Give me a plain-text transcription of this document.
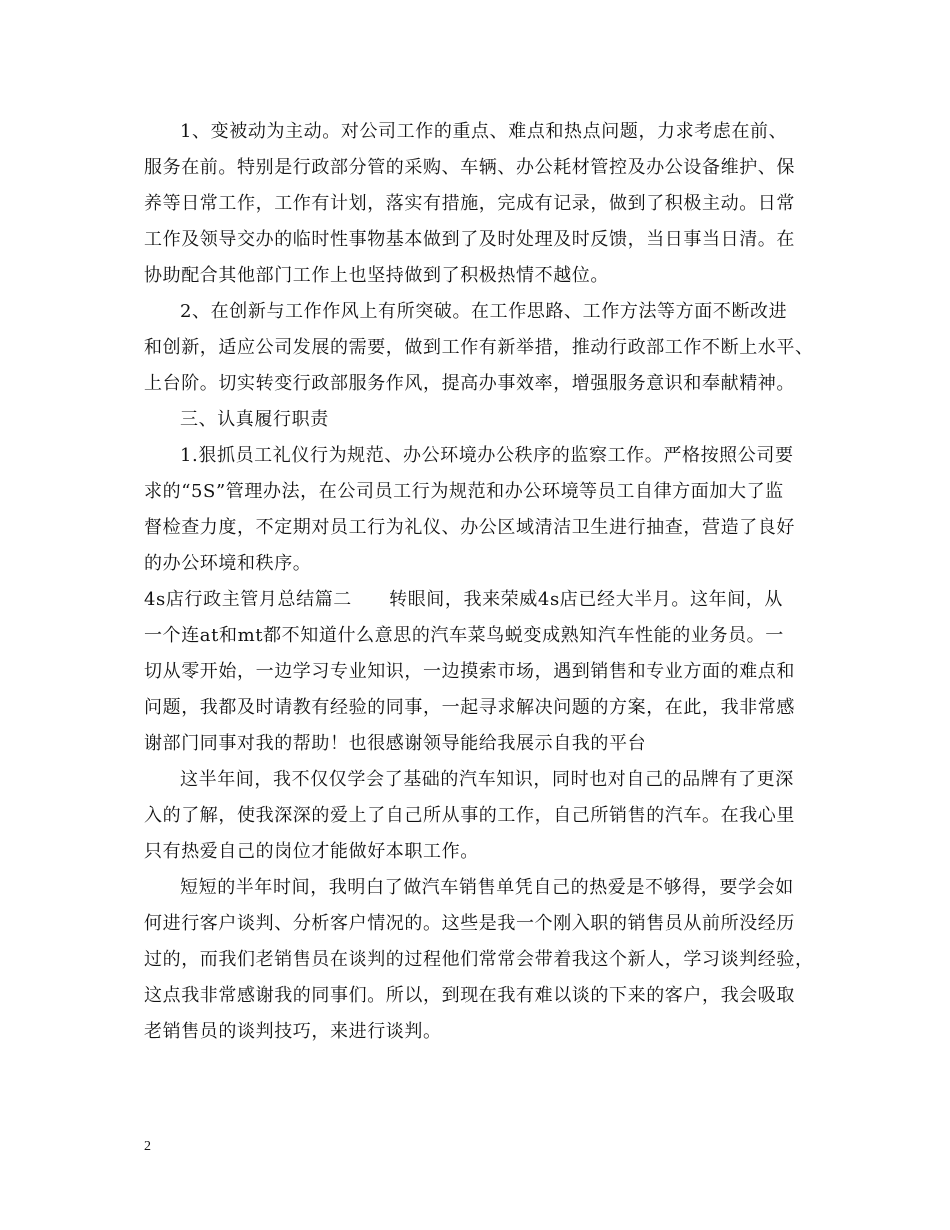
1、变被动为主动。对公司工作的重点、难点和热点问题，力求考虑在前、
服务在前。特别是行政部分管的采购、车辆、办公耗材管控及办公设备维护、保
养等日常工作，工作有计划，落实有措施，完成有记录，做到了积极主动。日常
工作及领导交办的临时性事物基本做到了及时处理及时反馈，当日事当日清。在
协助配合其他部门工作上也坚持做到了积极热情不越位。
2、在创新与工作作风上有所突破。在工作思路、工作方法等方面不断改进
和创新，适应公司发展的需要，做到工作有新举措，推动行政部工作不断上水平、
上台阶。切实转变行政部服务作风，提高办事效率，增强服务意识和奉献精神。
三、认真履行职责
1.狠抓员工礼仪行为规范、办公环境办公秩序的监察工作。严格按照公司要
求的“5S”管理办法，在公司员工行为规范和办公环境等员工自律方面加大了监
督检查力度，不定期对员工行为礼仪、办公区域清洁卫生进行抽查，营造了良好
的办公环境和秩序。
4s店行政主管月总结篇二　　转眼间，我来荣威4s店已经大半月。这年间，从
一个连at和mt都不知道什么意思的汽车菜鸟蜕变成熟知汽车性能的业务员。一
切从零开始，一边学习专业知识，一边摸索市场，遇到销售和专业方面的难点和
问题，我都及时请教有经验的同事，一起寻求解决问题的方案，在此，我非常感
谢部门同事对我的帮助！也很感谢领导能给我展示自我的平台
这半年间，我不仅仅学会了基础的汽车知识，同时也对自己的品牌有了更深
入的了解，使我深深的爱上了自己所从事的工作，自己所销售的汽车。在我心里
只有热爱自己的岗位才能做好本职工作。
短短的半年时间，我明白了做汽车销售单凭自己的热爱是不够得，要学会如
何进行客户谈判、分析客户情况的。这些是我一个刚入职的销售员从前所没经历
过的，而我们老销售员在谈判的过程他们常常会带着我这个新人，学习谈判经验，
这点我非常感谢我的同事们。所以，到现在我有难以谈的下来的客户，我会吸取
老销售员的谈判技巧，来进行谈判。
2
